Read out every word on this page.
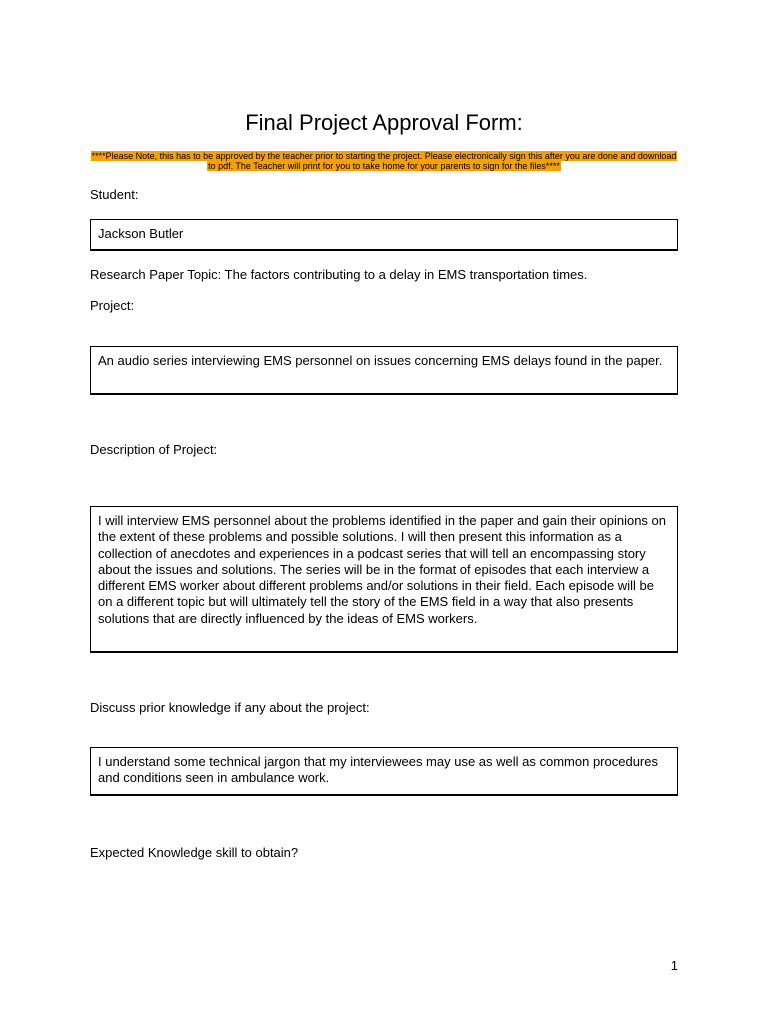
Final Project Approval Form:

****Please Note, this has to be approved by the teacher prior to starting the project. Please electronically sign this after you are done and download to pdf. The Teacher will print for you to take home for your parents to sign for the files****

Student:

Jackson Butler

Research Paper Topic: The factors contributing to a delay in EMS transportation times.

Project:

An audio series interviewing EMS personnel on issues concerning EMS delays found in the paper.

Description of Project:

I will interview EMS personnel about the problems identified in the paper and gain their opinions on the extent of these problems and possible solutions. I will then present this information as a collection of anecdotes and experiences in a podcast series that will tell an encompassing story about the issues and solutions. The series will be in the format of episodes that each interview a different EMS worker about different problems and/or solutions in their field. Each episode will be on a different topic but will ultimately tell the story of the EMS field in a way that also presents solutions that are directly influenced by the ideas of EMS workers.

Discuss prior knowledge if any about the project:

I understand some technical jargon that my interviewees may use as well as common procedures and conditions seen in ambulance work.

Expected Knowledge skill to obtain?

1
